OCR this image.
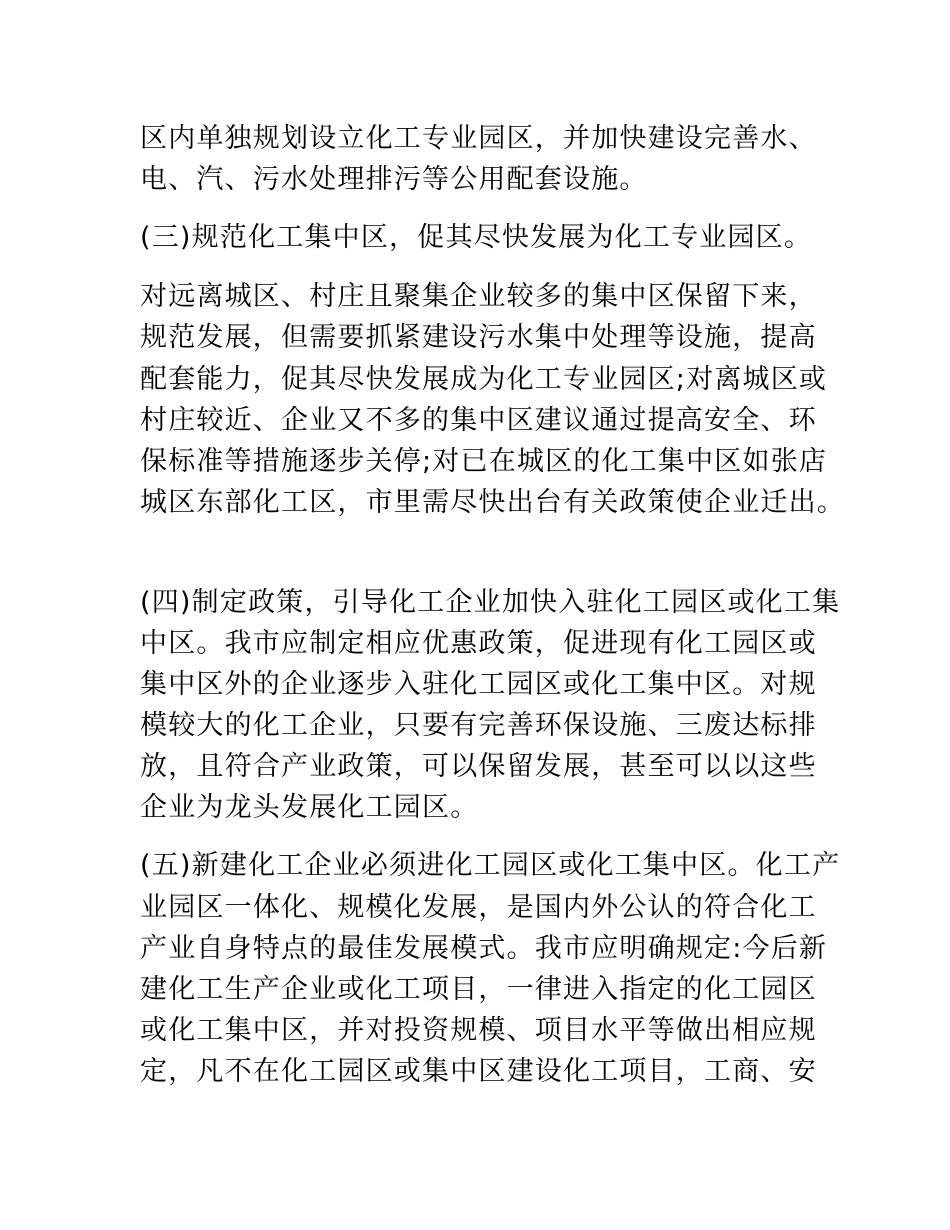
区内单独规划设立化工专业园区，并加快建设完善水、
电、汽、污水处理排污等公用配套设施。
(三)规范化工集中区，促其尽快发展为化工专业园区。
对远离城区、村庄且聚集企业较多的集中区保留下来，
规范发展，但需要抓紧建设污水集中处理等设施，提高
配套能力，促其尽快发展成为化工专业园区;对离城区或
村庄较近、企业又不多的集中区建议通过提高安全、环
保标准等措施逐步关停;对已在城区的化工集中区如张店
城区东部化工区，市里需尽快出台有关政策使企业迁出。
(四)制定政策，引导化工企业加快入驻化工园区或化工集
中区。我市应制定相应优惠政策，促进现有化工园区或
集中区外的企业逐步入驻化工园区或化工集中区。对规
模较大的化工企业，只要有完善环保设施、三废达标排
放，且符合产业政策，可以保留发展，甚至可以以这些
企业为龙头发展化工园区。
(五)新建化工企业必须进化工园区或化工集中区。化工产
业园区一体化、规模化发展，是国内外公认的符合化工
产业自身特点的最佳发展模式。我市应明确规定:今后新
建化工生产企业或化工项目，一律进入指定的化工园区
或化工集中区，并对投资规模、项目水平等做出相应规
定，凡不在化工园区或集中区建设化工项目，工商、安
